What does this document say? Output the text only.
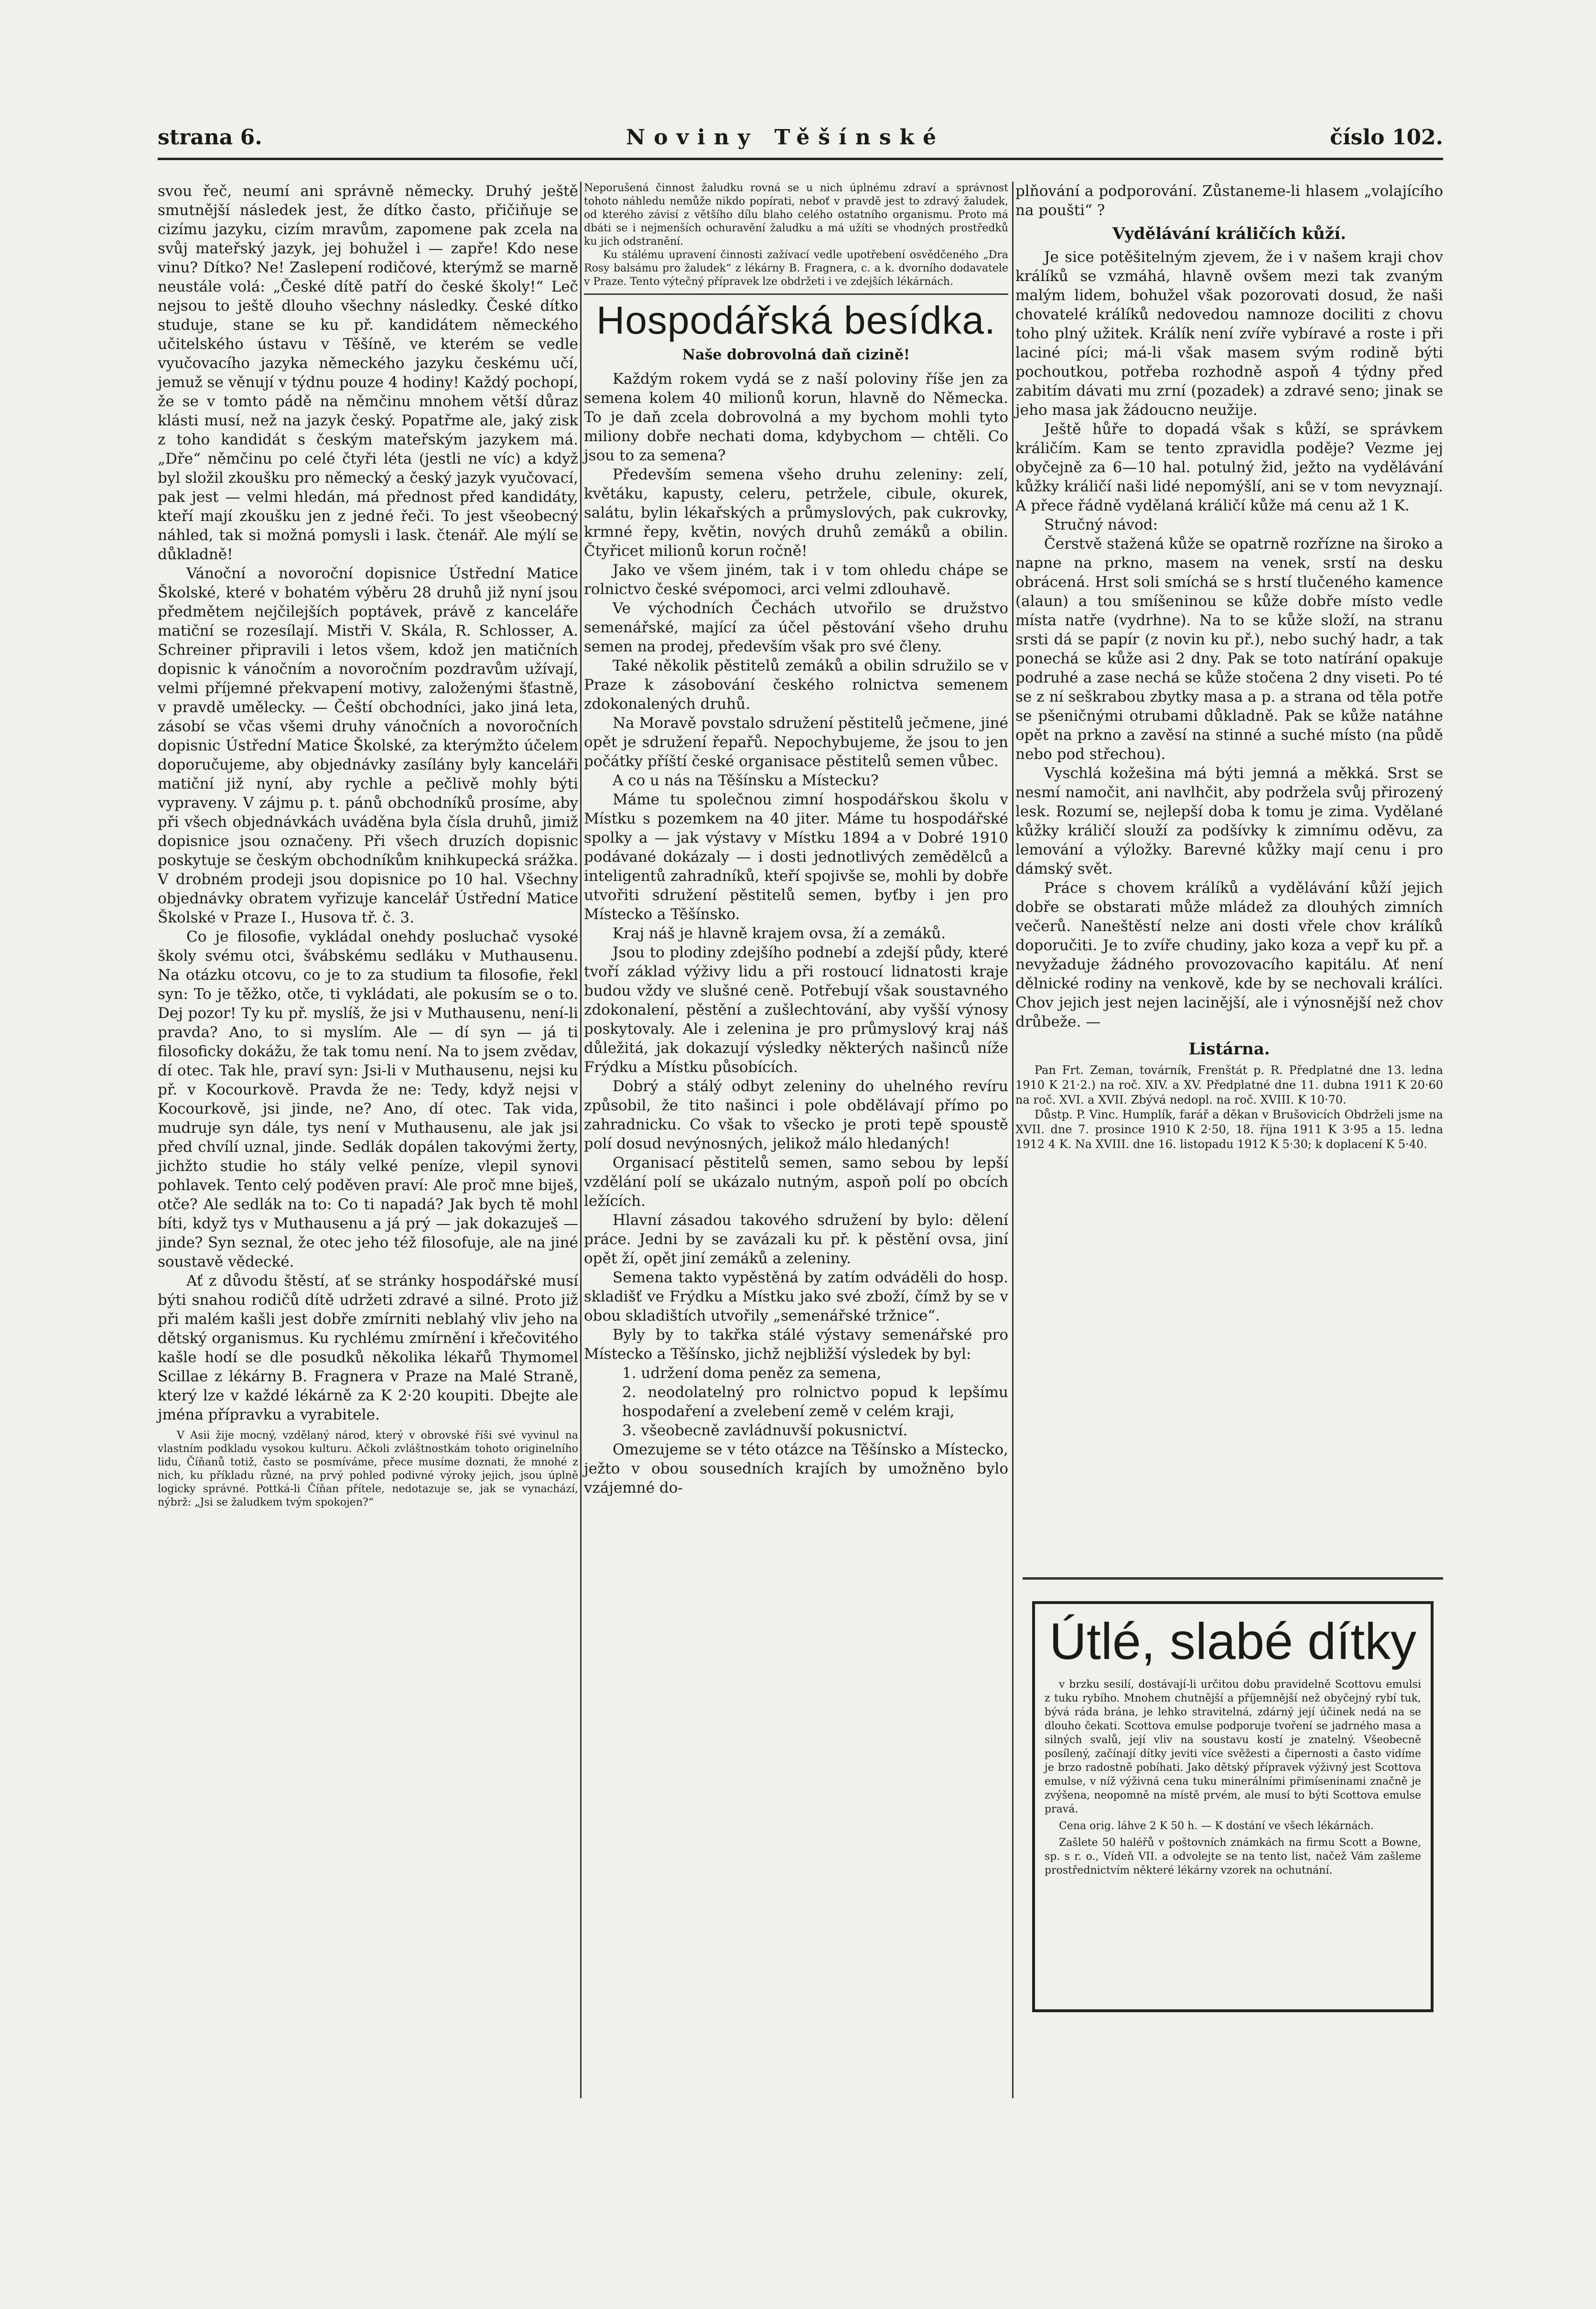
strana 6.	Noviny Těšínské	číslo 102.

svou řeč, neumí ani správně německy. Druhý ještě smutnější následek jest, že dítko často, přičiňuje se cizímu jazyku, cizím mravům, zapomene pak zcela na svůj mateřský jazyk, jej bohužel i — zapře! Kdo nese vinu? Dítko? Ne! Zaslepení rodičové, kterýmž se marně neustále volá: „České dítě patří do české školy!“ Leč nejsou to ještě dlouho všechny následky. České dítko studuje, stane se ku př. kandidátem německého učitelského ústavu v Těšíně, ve kterém se vedle vyučovacího jazyka německého jazyku českému učí, jemuž se věnují v týdnu pouze 4 hodiny! Každý pochopí, že se v tomto pádě na němčinu mnohem větší důraz klásti musí, než na jazyk český. Popatřme ale, jaký zisk z toho kandidát s českým mateřským jazykem má. „Dře“ němčinu po celé čtyři léta (jestli ne víc) a když byl složil zkoušku pro německý a český jazyk vyučovací, pak jest — velmi hledán, má přednost před kandidáty, kteří mají zkoušku jen z jedné řeči. To jest všeobecný náhled, tak si možná pomysli i lask. čtenář. Ale mýlí se důkladně!

Vánoční a novoroční dopisnice Ústřední Matice Školské, které v bohatém výběru 28 druhů již nyní jsou předmětem nejčilejších poptávek, právě z kanceláře matiční se rozesílají. Mistři V. Skála, R. Schlosser, A. Schreiner připravili i letos všem, kdož jen matičních dopisnic k vánočním a novoročním pozdravům užívají, velmi příjemné překvapení motivy, založenými šťastně, v pravdě umělecky. — Čeští obchodníci, jako jiná leta, zásobí se včas všemi druhy vánočních a novoročních dopisnic Ústřední Matice Školské, za kterýmžto účelem doporučujeme, aby objednávky zasílány byly kanceláři matiční již nyní, aby rychle a pečlivě mohly býti vypraveny. V zájmu p. t. pánů obchodníků prosíme, aby při všech objednávkách uváděna byla čísla druhů, jimiž dopisnice jsou označeny. Při všech druzích dopisnic poskytuje se českým obchodníkům knihkupecká srážka. V drobném prodeji jsou dopisnice po 10 hal. Všechny objednávky obratem vyřizuje kancelář Ústřední Matice Školské v Praze I., Husova tř. č. 3.

Co je filosofie, vykládal onehdy posluchač vysoké školy svému otci, švábskému sedláku v Muthausenu. Na otázku otcovu, co je to za studium ta filosofie, řekl syn: To je těžko, otče, ti vykládati, ale pokusím se o to. Dej pozor! Ty ku př. myslíš, že jsi v Muthausenu, není-li pravda? Ano, to si myslím. Ale — dí syn — já ti filosoficky dokážu, že tak tomu není. Na to jsem zvědav, dí otec. Tak hle, praví syn: Jsi-li v Muthausenu, nejsi ku př. v Kocourkově. Pravda že ne: Tedy, když nejsi v Kocourkově, jsi jinde, ne? Ano, dí otec. Tak vida, mudruje syn dále, tys není v Muthausenu, ale jak jsi před chvílí uznal, jinde. Sedlák dopálen takovými žerty, jichžto studie ho stály velké peníze, vlepil synovi pohlavek. Tento celý poděven praví: Ale proč mne biješ, otče? Ale sedlák na to: Co ti napadá? Jak bych tě mohl bíti, když tys v Muthausenu a já prý — jak dokazuješ — jinde? Syn seznal, že otec jeho též filosofuje, ale na jiné soustavě vědecké.

Ať z důvodu štěstí, ať se stránky hospodářské musí býti snahou rodičů dítě udržeti zdravé a silné. Proto již při malém kašli jest dobře zmírniti neblahý vliv jeho na dětský organismus. Ku rychlému zmírnění i křečovitého kašle hodí se dle posudků několika lékařů Thymomel Scillae z lékárny B. Fragnera v Praze na Malé Straně, který lze v každé lékárně za K 2·20 koupiti. Dbejte ale jména přípravku a vyrabitele.

V Asii žije mocný, vzdělaný národ, který v obrovské říši své vyvinul na vlastním podkladu vysokou kulturu. Ačkoli zvláštnostkám tohoto originelního lidu, Číňanů totiž, často se posmíváme, přece musíme doznati, že mnohé z nich, ku příkladu různé, na prvý pohled podivné výroky jejich, jsou úplně logicky správné. Pottká-li Číňan přítele, nedotazuje se, jak se vynachází, nýbrž: „Jsi se žaludkem tvým spokojen?“

Neporušená činnost žaludku rovná se u nich úplnému zdraví a správnost tohoto náhledu nemůže nikdo popírati, neboť v pravdě jest to zdravý žaludek, od kterého závisí z většího dílu blaho celého ostatního organismu. Proto má dbáti se i nejmenších ochuravění žaludku a má užíti se vhodných prostředků ku jich odstranění.

Ku stálému upravení činnosti zažívací vedle upotřebení osvědčeného „Dra Rosy balsámu pro žaludek“ z lékárny B. Fragnera, c. a k. dvorního dodavatele v Praze. Tento výtečný přípravek lze obdržeti i ve zdejších lékárnách.

Hospodářská besídka.
Naše dobrovolná daň cizině!

Každým rokem vydá se z naší poloviny říše jen za semena kolem 40 milionů korun, hlavně do Německa. To je daň zcela dobrovolná a my bychom mohli tyto miliony dobře nechati doma, kdybychom — chtěli. Co jsou to za semena?

Především semena všeho druhu zeleniny: zelí, květáku, kapusty, celeru, petržele, cibule, okurek, salátu, bylin lékařských a průmyslových, pak cukrovky, krmné řepy, květin, nových druhů zemáků a obilin. Čtyřicet milionů korun ročně!

Jako ve všem jiném, tak i v tom ohledu chápe se rolnictvo české svépomoci, arci velmi zdlouhavě.

Ve východních Čechách utvořilo se družstvo semenářské, mající za účel pěstování všeho druhu semen na prodej, především však pro své členy.

Také několik pěstitelů zemáků a obilin sdružilo se v Praze k zásobování českého rolnictva semenem zdokonalených druhů.

Na Moravě povstalo sdružení pěstitelů ječmene, jiné opět je sdružení řepařů. Nepochybujeme, že jsou to jen počátky příští české organisace pěstitelů semen vůbec.

A co u nás na Těšínsku a Místecku?

Máme tu společnou zimní hospodářskou školu v Místku s pozemkem na 40 jiter. Máme tu hospodářské spolky a — jak výstavy v Místku 1894 a v Dobré 1910 podávané dokázaly — i dosti jednotlivých zemědělců a inteligentů zahradníků, kteří spojivše se, mohli by dobře utvořiti sdružení pěstitelů semen, byťby i jen pro Místecko a Těšínsko.

Kraj náš je hlavně krajem ovsa, ží a zemáků.

Jsou to plodiny zdejšího podnebí a zdejší půdy, které tvoří základ výživy lidu a při rostoucí lidnatosti kraje budou vždy ve slušné ceně. Potřebují však soustavného zdokonalení, pěstění a zušlechtování, aby vyšší výnosy poskytovaly. Ale i zelenina je pro průmyslový kraj náš důležitá, jak dokazují výsledky některých našinců níže Frýdku a Místku působících.

Dobrý a stálý odbyt zeleniny do uhelného revíru způsobil, že tito našinci i pole obdělávají přímo po zahradnicku. Co však to všecko je proti tepě spoustě polí dosud nevýnosných, jelikož málo hledaných!

Organisací pěstitelů semen, samo sebou by lepší vzdělání polí se ukázalo nutným, aspoň polí po obcích ležících.

Hlavní zásadou takového sdružení by bylo: dělení práce. Jedni by se zavázali ku př. k pěstění ovsa, jiní opět ží, opět jiní zemáků a zeleniny.

Semena takto vypěstěná by zatím odváděli do hosp. skladišť ve Frýdku a Místku jako své zboží, čímž by se v obou skladištích utvořily „semenářské tržnice“.

Byly by to takřka stálé výstavy semenářské pro Místecko a Těšínsko, jichž nejbližší výsledek by byl:

1. udržení doma peněz za semena,

2. neodolatelný pro rolnictvo popud k lepšímu hospodaření a zvelebení země v celém kraji,

3. všeobecně zavládnuvší pokusnictví.

Omezujeme se v této otázce na Těšínsko a Místecko, ježto v obou sousedních krajích by umožněno bylo vzájemné do-

plňování a podporování. Zůstaneme-li hlasem „volajícího na poušti“ ?

Vydělávání králičích kůží.

Je sice potěšitelným zjevem, že i v našem kraji chov králíků se vzmáhá, hlavně ovšem mezi tak zvaným malým lidem, bohužel však pozorovati dosud, že naši chovatelé králíků nedovedou namnoze dociliti z chovu toho plný užitek. Králík není zvíře vybíravé a roste i při laciné píci; má-li však masem svým rodině býti pochoutkou, potřeba rozhodně aspoň 4 týdny před zabitím dávati mu zrní (pozadek) a zdravé seno; jinak se jeho masa jak žádoucno neužije.

Ještě hůře to dopadá však s kůží, se správkem králičím. Kam se tento zpravidla poděje? Vezme jej obyčejně za 6—10 hal. potulný žid, ježto na vydělávání kůžky králičí naši lidé nepomýšlí, ani se v tom nevyznají. A přece řádně vydělaná králičí kůže má cenu až 1 K.

Stručný návod:

Čerstvě stažená kůže se opatrně rozříznе na široko a napne na prkno, masem na venek, srstí na desku obrácená. Hrst soli smíchá se s hrstí tlučeného kamence (alaun) a tou smíšeninou se kůže dobře místo vedle místa natře (vydrhne). Na to se kůže složí, na stranu srsti dá se papír (z novin ku př.), nebo suchý hadr, a tak ponechá se kůže asi 2 dny. Pak se toto natírání opakuje podruhé a zase nechá se kůže stočena 2 dny viseti. Po té se z ní seškrabou zbytky masa a p. a strana od těla potře se pšeničnými otrubami důkladně. Pak se kůže natáhne opět na prkno a zavěsí na stinné a suché místo (na půdě nebo pod střechou).

Vyschlá kožešina má býti jemná a měkká. Srst se nesmí namočit, ani navlhčit, aby podržela svůj přirozený lesk. Rozumí se, nejlepší doba k tomu je zima. Vydělané kůžky králičí slouží za podšívky k zimnímu oděvu, za lemování a výložky. Barevné kůžky mají cenu i pro dámský svět.

Práce s chovem králíků a vydělávání kůží jejich dobře se obstarati může mládež za dlouhých zimních večerů. Naneštěstí nelze ani dosti vřele chov králíků doporučiti. Je to zvíře chudiny, jako koza a vepř ku př. a nevyžaduje žádného provozovacího kapitálu. Ať není dělnické rodiny na venkově, kde by se nechovali králíci. Chov jejich jest nejen lacinější, ale i výnosnější než chov drůbeže. —

Listárna.

Pan Frt. Zeman, továrník, Frenštát p. R. Předplatné dne 13. ledna 1910 K 21·2.) na roč. XIV. a XV. Předplatné dne 11. dubna 1911 K 20·60 na roč. XVI. a XVII. Zbývá nedopl. na roč. XVIII. K 10·70.

Důstp. P. Vinc. Humplík, farář a děkan v Brušovicích Obdrželi jsme na XVII. dne 7. prosince 1910 K 2·50, 18. října 1911 K 3·95 a 15. ledna 1912 4 K. Na XVIII. dne 16. listopadu 1912 K 5·30; k doplacení K 5·40.

Útlé, slabé dítky

v brzku sesilí, dostávají-li určitou dobu pravidelně Scottovu emulsi z tuku rybího. Mnohem chutnější a příjemnější než obyčejný rybí tuk, bývá ráda brána, je lehko stravitelná, zdárný její účinek nedá na se dlouho čekati. Scottova emulse podporuje tvoření se jadrného masa a silných svalů, její vliv na soustavu kostí je znatelný. Všeobecně posílený, začínají dítky jeviti více svěžesti a čipernosti a často vidíme je brzo radostně pobíhati. Jako dětský přípravek výživný jest Scottova emulse, v níž výživná cena tuku minerálními přimíseninami značně je zvýšena, neopomně na místě prvém, ale musí to býti Scottova emulse pravá.

Cena orig. láhve 2 K 50 h. — K dostání ve všech lékárnách.

Zašlete 50 haléřů v poštovních známkách na firmu Scott a Bowne, sp. s r. o., Vídeň VII. a odvolejte se na tento list, načež Vám zašleme prostřednictvím některé lékárny vzorek na ochutnání.
